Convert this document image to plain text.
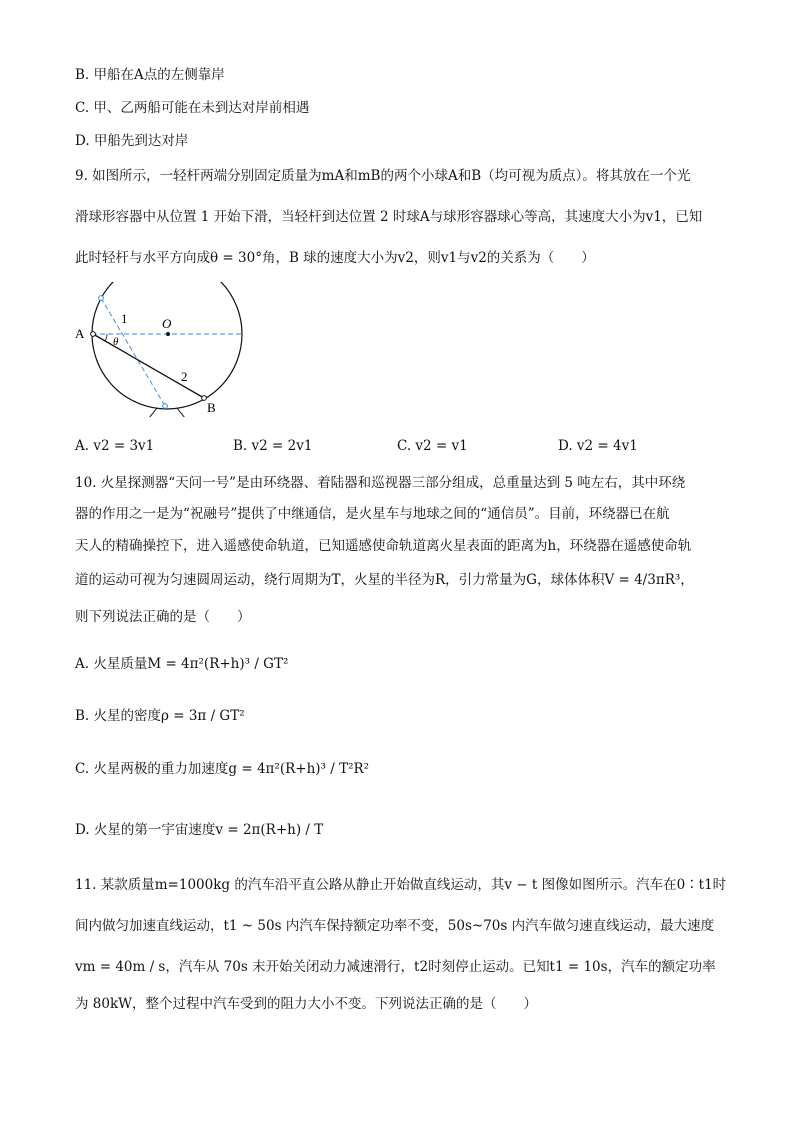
B. 甲船在A点的左侧靠岸
C. 甲、乙两船可能在未到达对岸前相遇
D. 甲船先到达对岸
9. 如图所示，一轻杆两端分别固定质量为mA和mB的两个小球A和B（均可视为质点）。将其放在一个光
滑球形容器中从位置 1 开始下滑，当轻杆到达位置 2 时球A与球形容器球心等高，其速度大小为v1，已知
此时轻杆与水平方向成θ = 30°角，B 球的速度大小为v2，则v1与v2的关系为（　　）
A
B
O
1
2
θ
A. v2 = 3v1	B. v2 = 2v1	C. v2 = v1	D. v2 = 4v1
10. 火星探测器“天问一号”是由环绕器、着陆器和巡视器三部分组成，总重量达到 5 吨左右，其中环绕
器的作用之一是为“祝融号”提供了中继通信，是火星车与地球之间的“通信员”。目前，环绕器已在航
天人的精确操控下，进入遥感使命轨道，已知遥感使命轨道离火星表面的距离为h，环绕器在遥感使命轨
道的运动可视为匀速圆周运动，绕行周期为T，火星的半径为R，引力常量为G，球体体积V = 4/3πR³，
则下列说法正确的是（　　）
A. 火星质量M = 4π²(R+h)³ / GT²
B. 火星的密度ρ = 3π / GT²
C. 火星两极的重力加速度g = 4π²(R+h)³ / T²R²
D. 火星的第一宇宙速度v = 2π(R+h) / T
11. 某款质量m=1000kg 的汽车沿平直公路从静止开始做直线运动，其v − t 图像如图所示。汽车在0∶t1时
间内做匀加速直线运动，t1 ~ 50s 内汽车保持额定功率不变，50s~70s 内汽车做匀速直线运动，最大速度
vm = 40m / s，汽车从 70s 末开始关闭动力减速滑行，t2时刻停止运动。已知t1 = 10s，汽车的额定功率
为 80kW，整个过程中汽车受到的阻力大小不变。下列说法正确的是（　　）
